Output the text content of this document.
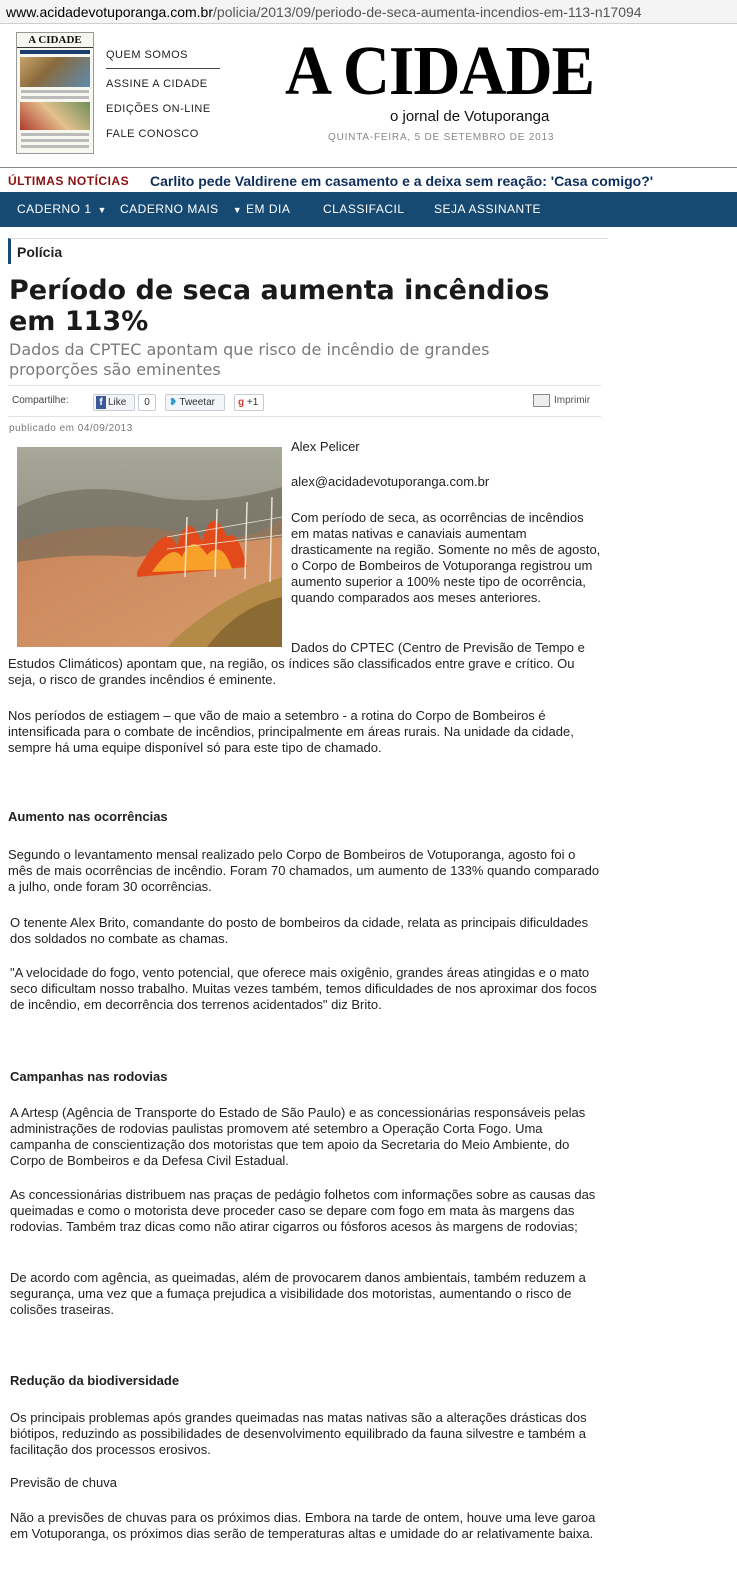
www.acidadevotuporanga.com.br/policia/2013/09/periodo-de-seca-aumenta-incendios-em-113-n17094
A CIDADE
QUEM SOMOS
ASSINE A CIDADE
EDIÇÕES ON-LINE
FALE CONOSCO
A CIDADE
o jornal de Votuporanga
QUINTA-FEIRA, 5 DE SETEMBRO DE 2013
ÚLTIMAS NOTÍCIAS Carlito pede Valdirene em casamento e a deixa sem reação: 'Casa comigo?'
CADERNO 1 ▼ CADERNO MAIS ▼ EM DIA	CLASSIFACIL SEJA ASSINANTE
Polícia
Período de seca aumenta incêndios em 113%
Dados da CPTEC apontam que risco de incêndio de grandes proporções são eminentes
Compartilhe:	f Like	0	❥ Tweetar	g +1	Imprimir
publicado em 04/09/2013
Alex Pelicer
alex@acidadevotuporanga.com.br
Com período de seca, as ocorrências de incêndios em matas nativas e canaviais aumentam drasticamente na região. Somente no mês de agosto, o Corpo de Bombeiros de Votuporanga registrou um aumento superior a 100% neste tipo de ocorrência, quando comparados aos meses anteriores.
Dados do CPTEC (Centro de Previsão de Tempo e Estudos Climáticos) apontam que, na região, os índices são classificados entre grave e crítico. Ou seja, o risco de grandes incêndios é eminente.
Nos períodos de estiagem – que vão de maio a setembro - a rotina do Corpo de Bombeiros é intensificada para o combate de incêndios, principalmente em áreas rurais. Na unidade da cidade, sempre há uma equipe disponível só para este tipo de chamado.
Aumento nas ocorrências
Segundo o levantamento mensal realizado pelo Corpo de Bombeiros de Votuporanga, agosto foi o mês de mais ocorrências de incêndio. Foram 70 chamados, um aumento de 133% quando comparado a julho, onde foram 30 ocorrências.
O tenente Alex Brito, comandante do posto de bombeiros da cidade, relata as principais dificuldades dos soldados no combate as chamas.
"A velocidade do fogo, vento potencial, que oferece mais oxigênio, grandes áreas atingidas e o mato seco dificultam nosso trabalho. Muitas vezes também, temos dificuldades de nos aproximar dos focos de incêndio, em decorrência dos terrenos acidentados" diz Brito.
Campanhas nas rodovias
A Artesp (Agência de Transporte do Estado de São Paulo) e as concessionárias responsáveis pelas administrações de rodovias paulistas promovem até setembro a Operação Corta Fogo. Uma campanha de conscientização dos motoristas que tem apoio da Secretaria do Meio Ambiente, do Corpo de Bombeiros e da Defesa Civil Estadual.
As concessionárias distribuem nas praças de pedágio folhetos com informações sobre as causas das queimadas e como o motorista deve proceder caso se depare com fogo em mata às margens das rodovias. Também traz dicas como não atirar cigarros ou fósforos acesos às margens de rodovias;
De acordo com agência, as queimadas, além de provocarem danos ambientais, também reduzem a segurança, uma vez que a fumaça prejudica a visibilidade dos motoristas, aumentando o risco de colisões traseiras.
Redução da biodiversidade
Os principais problemas após grandes queimadas nas matas nativas são a alterações drásticas dos biótipos, reduzindo as possibilidades de desenvolvimento equilibrado da fauna silvestre e também a facilitação dos processos erosivos.
Previsão de chuva
Não a previsões de chuvas para os próximos dias. Embora na tarde de ontem, houve uma leve garoa em Votuporanga, os próximos dias serão de temperaturas altas e umidade do ar relativamente baixa.
